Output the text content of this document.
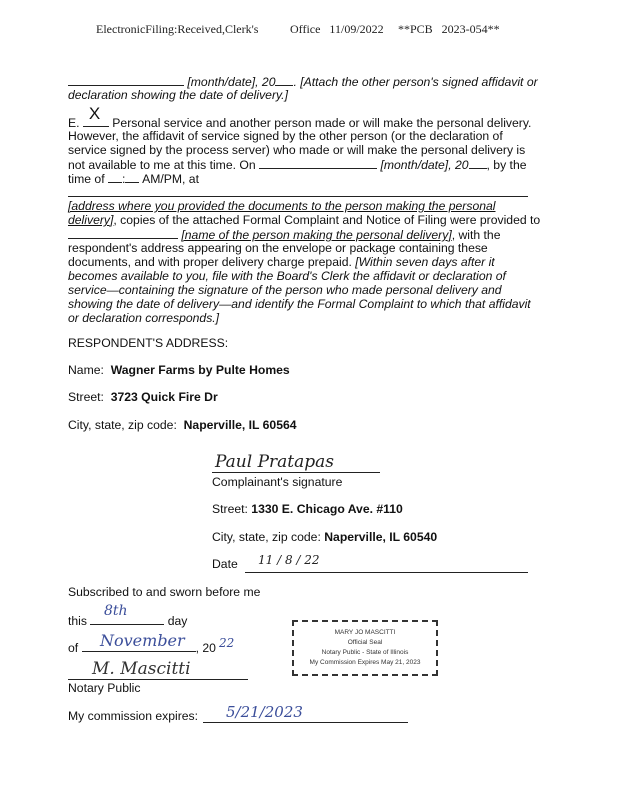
ElectronicFiling:Received,Clerk's	Office   11/09/2022 **PCB   2023-054**
[month/date], 20 . [Attach the other person's signed affidavit or
declaration showing the date of delivery.]
E. X Personal service and another person made or will make the personal delivery.
However, the affidavit of service signed by the other person (or the declaration of
service signed by the process server) who made or will make the personal delivery is
not available to me at this time. On	[month/date], 20 , by the
time of : AM/PM, at
[address where you provided the documents to the person making the personal
delivery], copies of the attached Formal Complaint and Notice of Filing were provided to
[name of the person making the personal delivery], with the
respondent's address appearing on the envelope or package containing these
documents, and with proper delivery charge prepaid. [Within seven days after it
becomes available to you, file with the Board's Clerk the affidavit or declaration of
service—containing the signature of the person who made personal delivery and
showing the date of delivery—and identify the Formal Complaint to which that affidavit
or declaration corresponds.]
RESPONDENT'S ADDRESS:
Name: Wagner Farms by Pulte Homes
Street: 3723 Quick Fire Dr
City, state, zip code: Naperville, IL 60564
Paul Pratapas
Complainant's signature
Street: 1330 E. Chicago Ave. #110
City, state, zip code: Naperville, IL 60540
Date 11 / 8 / 22
Subscribed to and sworn before me
this	day
8th
of	, 20
November	22
M. Mascitti
Notary Public
My commission expires: 5/21/2023
MARY JO MASCITTI
Official Seal
Notary Public - State of Illinois
My Commission Expires May 21, 2023
